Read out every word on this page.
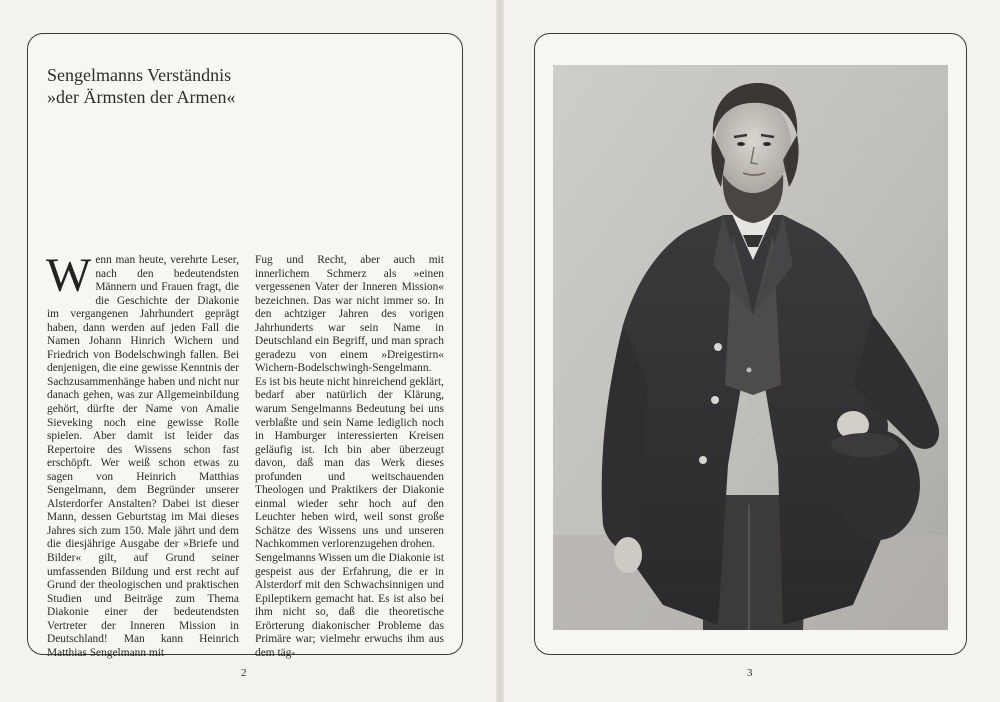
Sengelmanns Verständnis
»der Ärmsten der Armen«

Wenn man heute, verehrte Leser, nach den bedeutendsten Männern und Frauen fragt, die die Geschichte der Diakonie im vergangenen Jahrhundert geprägt haben, dann werden auf jeden Fall die Namen Johann Hinrich Wichern und Friedrich von Bodelschwingh fallen. Bei denjenigen, die eine gewisse Kenntnis der Sachzusammenhänge haben und nicht nur danach gehen, was zur Allgemeinbildung gehört, dürfte der Name von Amalie Sieveking noch eine gewisse Rolle spielen. Aber damit ist leider das Repertoire des Wissens schon fast erschöpft. Wer weiß schon etwas zu sagen von Heinrich Matthias Sengelmann, dem Begründer unserer Alsterdorfer Anstalten? Dabei ist dieser Mann, dessen Geburtstag im Mai dieses Jahres sich zum 150. Male jährt und dem die diesjährige Ausgabe der »Briefe und Bilder« gilt, auf Grund seiner umfassenden Bildung und erst recht auf Grund der theologischen und praktischen Studien und Beiträge zum Thema Diakonie einer der bedeutendsten Vertreter der Inneren Mission in Deutschland! Man kann Heinrich Matthias Sengelmann mit

Fug und Recht, aber auch mit innerlichem Schmerz als »einen vergessenen Vater der Inneren Mission« bezeichnen. Das war nicht immer so. In den achtziger Jahren des vorigen Jahrhunderts war sein Name in Deutschland ein Begriff, und man sprach geradezu von einem »Dreigestirn« Wichern-Bodelschwingh-Sengelmann. Es ist bis heute nicht hinreichend geklärt, bedarf aber natürlich der Klärung, warum Sengelmanns Bedeutung bei uns verblaßte und sein Name lediglich noch in Hamburger interessierten Kreisen geläufig ist. Ich bin aber überzeugt davon, daß man das Werk dieses profunden und weitschauenden Theologen und Praktikers der Diakonie einmal wieder sehr hoch auf den Leuchter heben wird, weil sonst große Schätze des Wissens uns und unseren Nachkommen verlorenzugehen drohen.

Sengelmanns Wissen um die Diakonie ist gespeist aus der Erfahrung, die er in Alsterdorf mit den Schwachsinnigen und Epileptikern gemacht hat. Es ist also bei ihm nicht so, daß die theoretische Erörterung diakonischer Probleme das Primäre war; vielmehr erwuchs ihm aus dem täg-

2	3
